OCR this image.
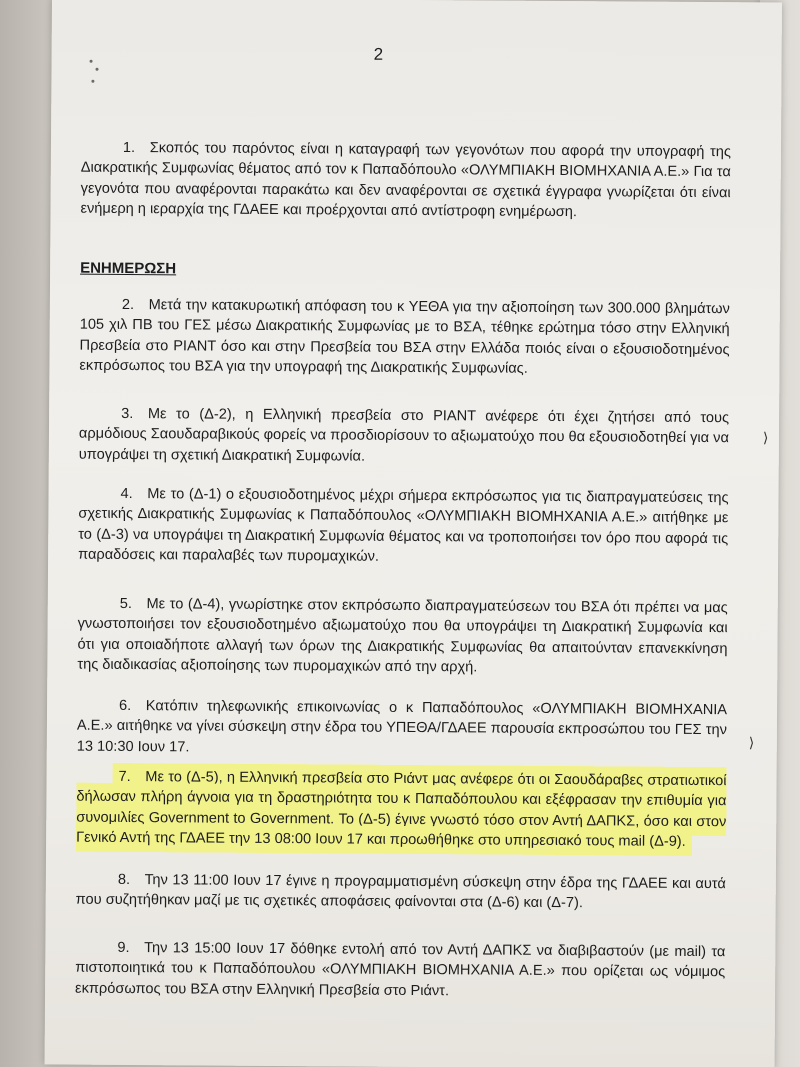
⟩
⟩
2
1. Σκοπός του παρόντος είναι η καταγραφή των γεγονότων που αφορά την υπογραφή της Διακρατικής Συμφωνίας θέματος από τον κ Παπαδόπουλο «ΟΛΥΜΠΙΑΚΗ ΒΙΟΜΗΧΑΝΙΑ Α.Ε.» Για τα γεγονότα που αναφέρονται παρακάτω και δεν αναφέρονται σε σχετικά έγγραφα γνωρίζεται ότι είναι ενήμερη η ιεραρχία της ΓΔΑΕΕ και προέρχονται από αντίστροφη ενημέρωση.
ΕΝΗΜΕΡΩΣΗ
2. Μετά την κατακυρωτική απόφαση του κ ΥΕΘΑ για την αξιοποίηση των 300.000 βλημάτων 105 χιλ ΠΒ του ΓΕΣ μέσω Διακρατικής Συμφωνίας με το ΒΣΑ, τέθηκε ερώτημα τόσο στην Ελληνική Πρεσβεία στο ΡΙΑΝΤ όσο και στην Πρεσβεία του ΒΣΑ στην Ελλάδα ποιός είναι ο εξουσιοδοτημένος εκπρόσωπος του ΒΣΑ για την υπογραφή της Διακρατικής Συμφωνίας.
3. Με το (Δ-2), η Ελληνική πρεσβεία στο ΡΙΑΝΤ ανέφερε ότι έχει ζητήσει από τους αρμόδιους Σαουδαραβικούς φορείς να προσδιορίσουν το αξιωματούχο που θα εξουσιοδοτηθεί για να υπογράψει τη σχετική Διακρατική Συμφωνία.
4. Με το (Δ-1) ο εξουσιοδοτημένος μέχρι σήμερα εκπρόσωπος για τις διαπραγματεύσεις της σχετικής Διακρατικής Συμφωνίας κ Παπαδόπουλος «ΟΛΥΜΠΙΑΚΗ ΒΙΟΜΗΧΑΝΙΑ Α.Ε.» αιτήθηκε με το (Δ-3) να υπογράψει τη Διακρατική Συμφωνία θέματος και να τροποποιήσει τον όρο που αφορά τις παραδόσεις και παραλαβές των πυρομαχικών.
5. Με το (Δ-4), γνωρίστηκε στον εκπρόσωπο διαπραγματεύσεων του ΒΣΑ ότι πρέπει να μας γνωστοποιήσει τον εξουσιοδοτημένο αξιωματούχο που θα υπογράψει τη Διακρατική Συμφωνία και ότι για οποιαδήποτε αλλαγή των όρων της Διακρατικής Συμφωνίας θα απαιτούνταν επανεκκίνηση της διαδικασίας αξιοποίησης των πυρομαχικών από την αρχή.
6. Κατόπιν τηλεφωνικής επικοινωνίας ο κ Παπαδόπουλος «ΟΛΥΜΠΙΑΚΗ ΒΙΟΜΗΧΑΝΙΑ Α.Ε.» αιτήθηκε να γίνει σύσκεψη στην έδρα του ΥΠΕΘΑ/ΓΔΑΕΕ παρουσία εκπροσώπου του ΓΕΣ την 13 10:30 Ιουν 17.
7. Με το (Δ-5), η Ελληνική πρεσβεία στο Ριάντ μας ανέφερε ότι οι Σαουδάραβες στρατιωτικοί δήλωσαν πλήρη άγνοια για τη δραστηριότητα του κ Παπαδόπουλου και εξέφρασαν την επιθυμία για συνομιλίες Government to Government. Το (Δ-5) έγινε γνωστό τόσο στον Αντή ΔΑΠΚΣ, όσο και στον Γενικό Αντή της ΓΔΑΕΕ την 13 08:00 Ιουν 17 και προωθήθηκε στο υπηρεσιακό τους mail (Δ-9).
8. Την 13 11:00 Ιουν 17 έγινε η προγραμματισμένη σύσκεψη στην έδρα της ΓΔΑΕΕ και αυτά που συζητήθηκαν μαζί με τις σχετικές αποφάσεις φαίνονται στα (Δ-6) και (Δ-7).
9. Την 13 15:00 Ιουν 17 δόθηκε εντολή από τον Αντή ΔΑΠΚΣ να διαβιβαστούν (με mail) τα πιστοποιητικά του κ Παπαδόπουλου «ΟΛΥΜΠΙΑΚΗ ΒΙΟΜΗΧΑΝΙΑ Α.Ε.» που ορίζεται ως νόμιμος εκπρόσωπος του ΒΣΑ στην Ελληνική Πρεσβεία στο Ριάντ.
